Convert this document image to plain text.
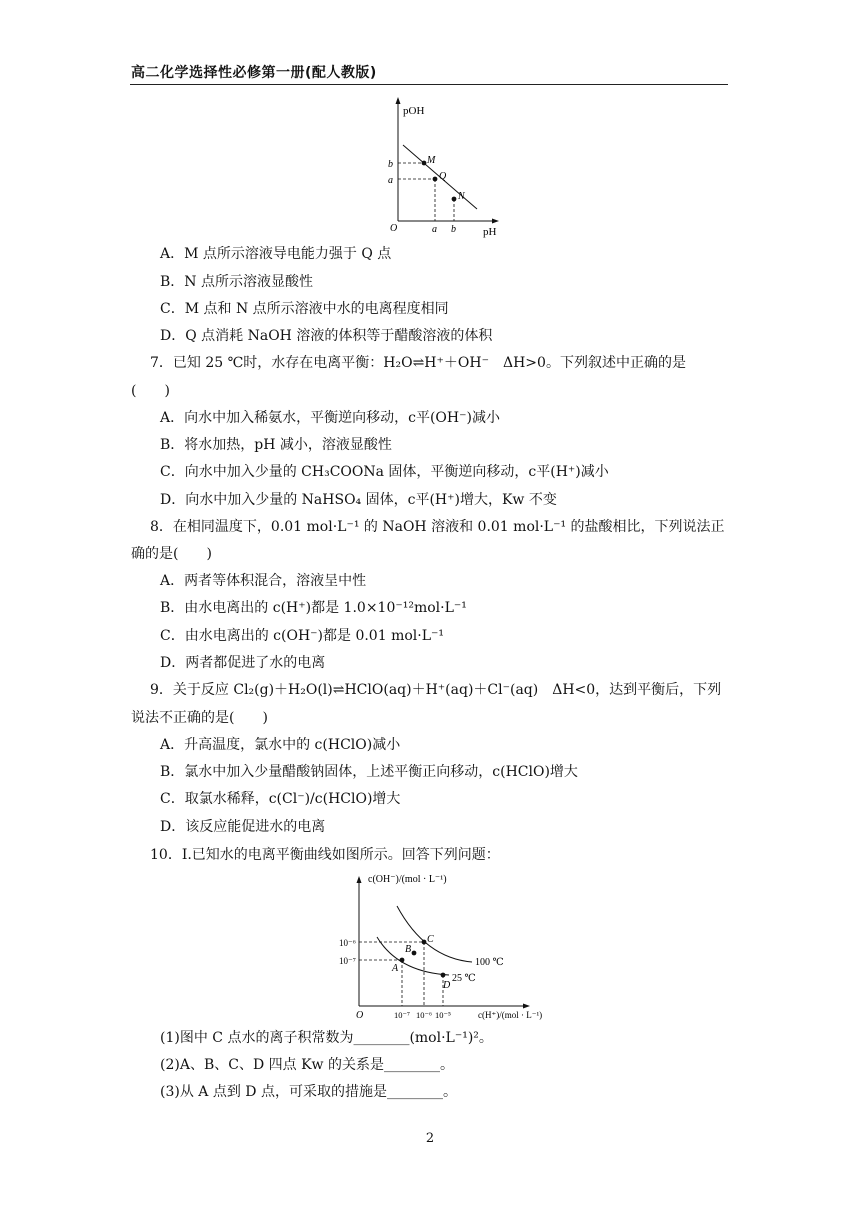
高二化学选择性必修第一册(配人教版)
pOH
pH
O
M
Q
N
b
a
a b
A．M 点所示溶液导电能力强于 Q 点
B．N 点所示溶液显酸性
C．M 点和 N 点所示溶液中水的电离程度相同
D．Q 点消耗 NaOH 溶液的体积等于醋酸溶液的体积
7．已知 25 ℃时，水存在电离平衡：H₂O⇌H⁺＋OH⁻　ΔH>0。下列叙述中正确的是
(　　)
A．向水中加入稀氨水，平衡逆向移动，c平(OH⁻)减小
B．将水加热，pH 减小，溶液显酸性
C．向水中加入少量的 CH₃COONa 固体，平衡逆向移动，c平(H⁺)减小
D．向水中加入少量的 NaHSO₄ 固体，c平(H⁺)增大，Kw 不变
8．在相同温度下，0.01 mol·L⁻¹ 的 NaOH 溶液和 0.01 mol·L⁻¹ 的盐酸相比，下列说法正
确的是(　　)
A．两者等体积混合，溶液呈中性
B．由水电离出的 c(H⁺)都是 1.0×10⁻¹²mol·L⁻¹
C．由水电离出的 c(OH⁻)都是 0.01 mol·L⁻¹
D．两者都促进了水的电离
9．关于反应 Cl₂(g)＋H₂O(l)⇌HClO(aq)＋H⁺(aq)＋Cl⁻(aq)　ΔH<0，达到平衡后，下列
说法不正确的是(　　)
A．升高温度，氯水中的 c(HClO)减小
B．氯水中加入少量醋酸钠固体，上述平衡正向移动，c(HClO)增大
C．取氯水稀释，c(Cl⁻)/c(HClO)增大
D．该反应能促进水的电离
10．Ⅰ.已知水的电离平衡曲线如图所示。回答下列问题：
c(OH⁻)/(mol · L⁻¹)
c(H⁺)/(mol · L⁻¹)
O
A
B
C
D
100 ℃
25 ℃
10⁻⁶
10⁻⁷
10⁻⁷ 10⁻⁶ 10⁻⁵
(1)图中 C 点水的离子积常数为________(mol·L⁻¹)²。
(2)A、B、C、D 四点 Kw 的关系是________。
(3)从 A 点到 D 点，可采取的措施是________。
2
